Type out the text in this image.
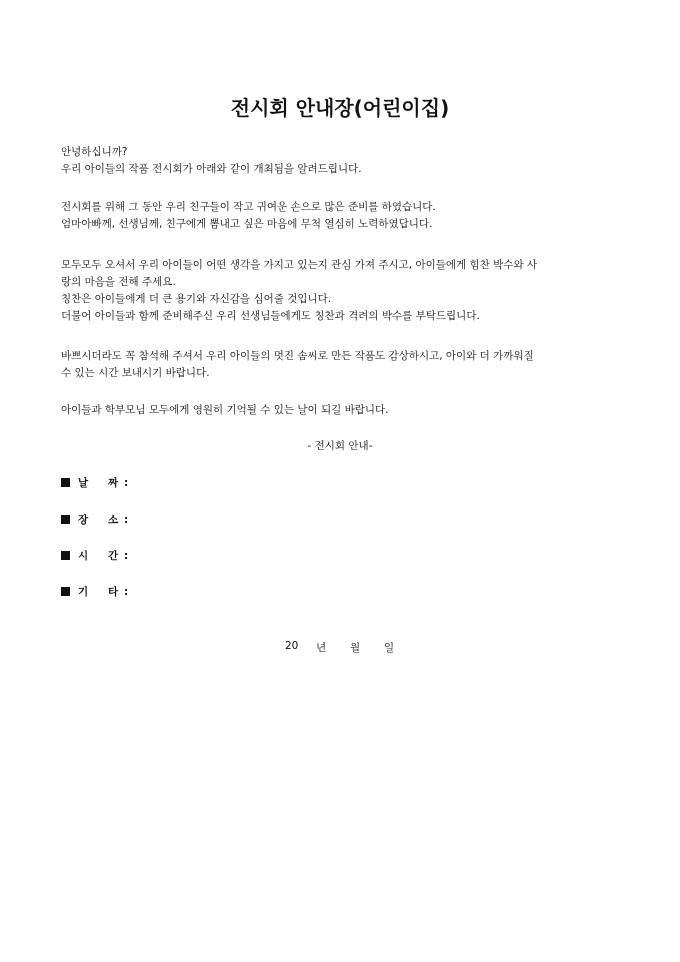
전시회 안내장(어린이집)
안녕하십니까?
우리 아이들의 작품 전시회가 아래와 같이 개최됨을 알려드립니다.
전시회를 위해 그 동안 우리 친구들이 작고 귀여운 손으로 많은 준비를 하였습니다.
엄마아빠께, 선생님께, 친구에게 뽐내고 싶은 마음에 무척 열심히 노력하였답니다.
모두모두 오셔서 우리 아이들이 어떤 생각을 가지고 있는지 관심 가져 주시고, 아이들에게 힘찬 박수와 사
랑의 마음을 전해 주세요.
칭찬은 아이들에게 더 큰 용기와 자신감을 심어줄 것입니다.
더불어 아이들과 함께 준비해주신 우리 선생님들에게도 칭찬과 격려의 박수를 부탁드립니다.
바쁘시더라도 꼭 참석해 주셔서 우리 아이들의 멋진 솜씨로 만든 작품도 감상하시고, 아이와 더 가까워질
수 있는 시간 보내시기 바랍니다.
아이들과 학부모님 모두에게 영원히 기억될 수 있는 날이 되길 바랍니다.
- 전시회 안내-
날	짜 :
장	소 :
시	간 :
기	타 :
20 년 월 일
